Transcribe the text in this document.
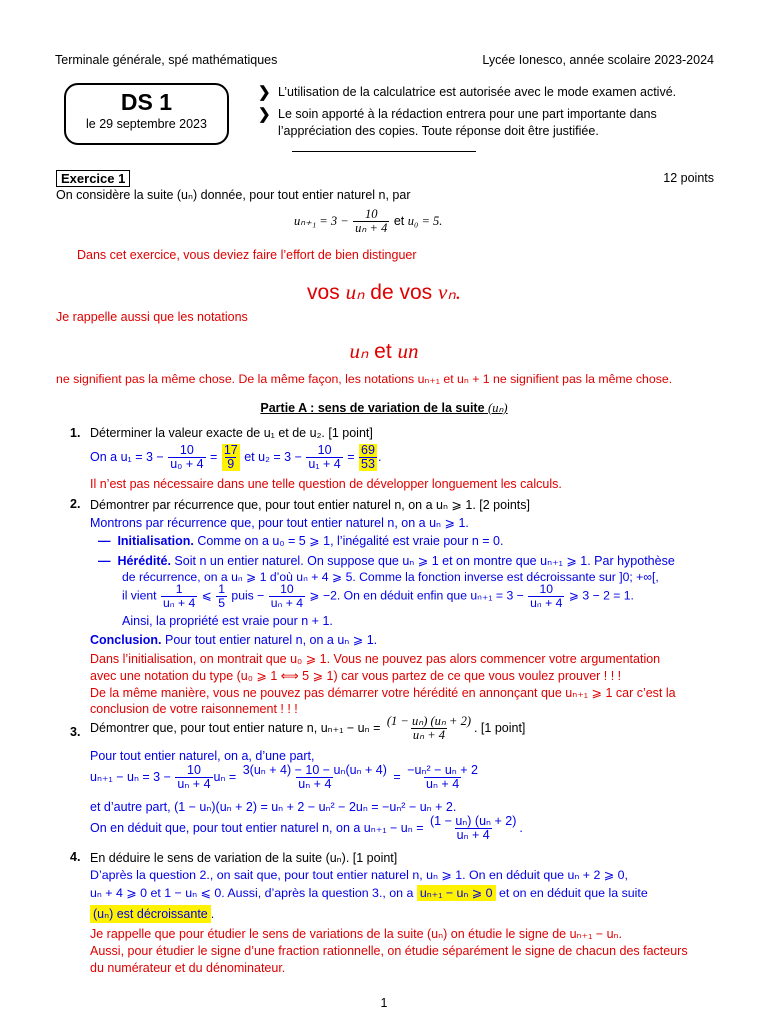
Terminale générale, spé mathématiques	Lycée Ionesco, année scolaire 2023-2024
DS 1
le 29 septembre 2023
❯ L’utilisation de la calculatrice est autorisée avec le mode examen activé.
❯ Le soin apporté à la rédaction entrera pour une part importante dans
l’appréciation des copies. Toute réponse doit être justifiée.
Exercice 1	12 points
On considère la suite (uₙ) donnée, pour tout entier naturel n, par
$u_{n+1} = 3 - \frac{10}{\text{uₙ + 4}}$ et u₀ = 5.
Dans cet exercice, vous deviez faire l’effort de bien distinguer
vos uₙ de vos vₙ.
Je rappelle aussi que les notations
uₙ et un
ne signifient pas la même chose. De la même façon, les notations uₙ₊₁ et uₙ + 1 ne signifient pas la même chose.
Partie A : sens de variation de la suite (uₙ)
1. Déterminer la valeur exacte de u₁ et de u₂. [1 point]
On a $u_1 = 3 - \frac{10}{\text{u₀ + 4}} = \frac{17}{9}$ et $u_2 = 3 - \frac{10}{\text{u₁ + 4}} = \frac{69}{53}$ .
Il n’est pas nécessaire dans une telle question de développer longuement les calculs.
2. Démontrer par récurrence que, pour tout entier naturel n, on a uₙ ⩾ 1. [2 points]
Montrons par récurrence que, pour tout entier naturel n, on a uₙ ⩾ 1.
— Initialisation. Comme on a u₀ = 5 ⩾ 1, l’inégalité est vraie pour n = 0.
— Hérédité. Soit n un entier naturel. On suppose que uₙ ⩾ 1 et on montre que uₙ₊₁ ⩾ 1. Par hypothèse
de récurrence, on a uₙ ⩾ 1 d’où uₙ + 4 ⩾ 5. Comme la fonction inverse est décroissante sur ]0; +∞[,
il vient $\frac{1}{\text{uₙ + 4}}$ ⩽ $\frac{1}{5}$ puis − $\frac{10}{\text{uₙ + 4}}$ ⩾ −2. On en déduit enfin que $u_{n+1} = 3 - \frac{10}{\text{uₙ + 4}}$ ⩾ 3 − 2 = 1.
Ainsi, la propriété est vraie pour n + 1.
Conclusion. Pour tout entier naturel n, on a uₙ ⩾ 1.
Dans l’initialisation, on montrait que u₀ ⩾ 1. Vous ne pouvez pas alors commencer votre argumentation
avec une notation du type (u₀ ⩾ 1 ⟺ 5 ⩾ 1) car vous partez de ce que vous voulez prouver ! ! !
De la même manière, vous ne pouvez pas démarrer votre hérédité en annonçant que uₙ₊₁ ⩾ 1 car c’est la
conclusion de votre raisonnement ! ! !
3. Démontrer que, pour tout entier nature n, $u_{n+1} - u_n = \frac{\text{(1 − uₙ) (uₙ + 2)}}{\text{uₙ + 4}}$ . [1 point]
Pour tout entier naturel, on a, d’une part,
$u_{n+1} - u_n = 3 - \frac{10}{\text{uₙ + 4}}$ $u_n = \frac{\text{3(uₙ + 4) − 10 − uₙ(uₙ + 4)}}{\text{uₙ + 4}} = \frac{\text{−uₙ² − uₙ + 2}}{\text{uₙ + 4}}$
et d’autre part, (1 − uₙ)(uₙ + 2) = uₙ + 2 − uₙ² − 2uₙ = −uₙ² − uₙ + 2.
On en déduit que, pour tout entier naturel n, on a $u_{n+1} - u_n = \frac{\text{(1 − uₙ) (uₙ + 2)}}{\text{uₙ + 4}}$ .
4. En déduire le sens de variation de la suite (uₙ). [1 point]
D’après la question 2., on sait que, pour tout entier naturel n, uₙ ⩾ 1. On en déduit que uₙ + 2 ⩾ 0,
uₙ + 4 ⩾ 0 et 1 − uₙ ⩽ 0. Aussi, d’après la question 3., on a uₙ₊₁ − uₙ ⩾ 0 et on en déduit que la suite
(uₙ) est décroissante .
Je rappelle que pour étudier le sens de variations de la suite (uₙ) on étudie le signe de uₙ₊₁ − uₙ.
Aussi, pour étudier le signe d’une fraction rationnelle, on étudie séparément le signe de chacun des facteurs
du numérateur et du dénominateur.
1
